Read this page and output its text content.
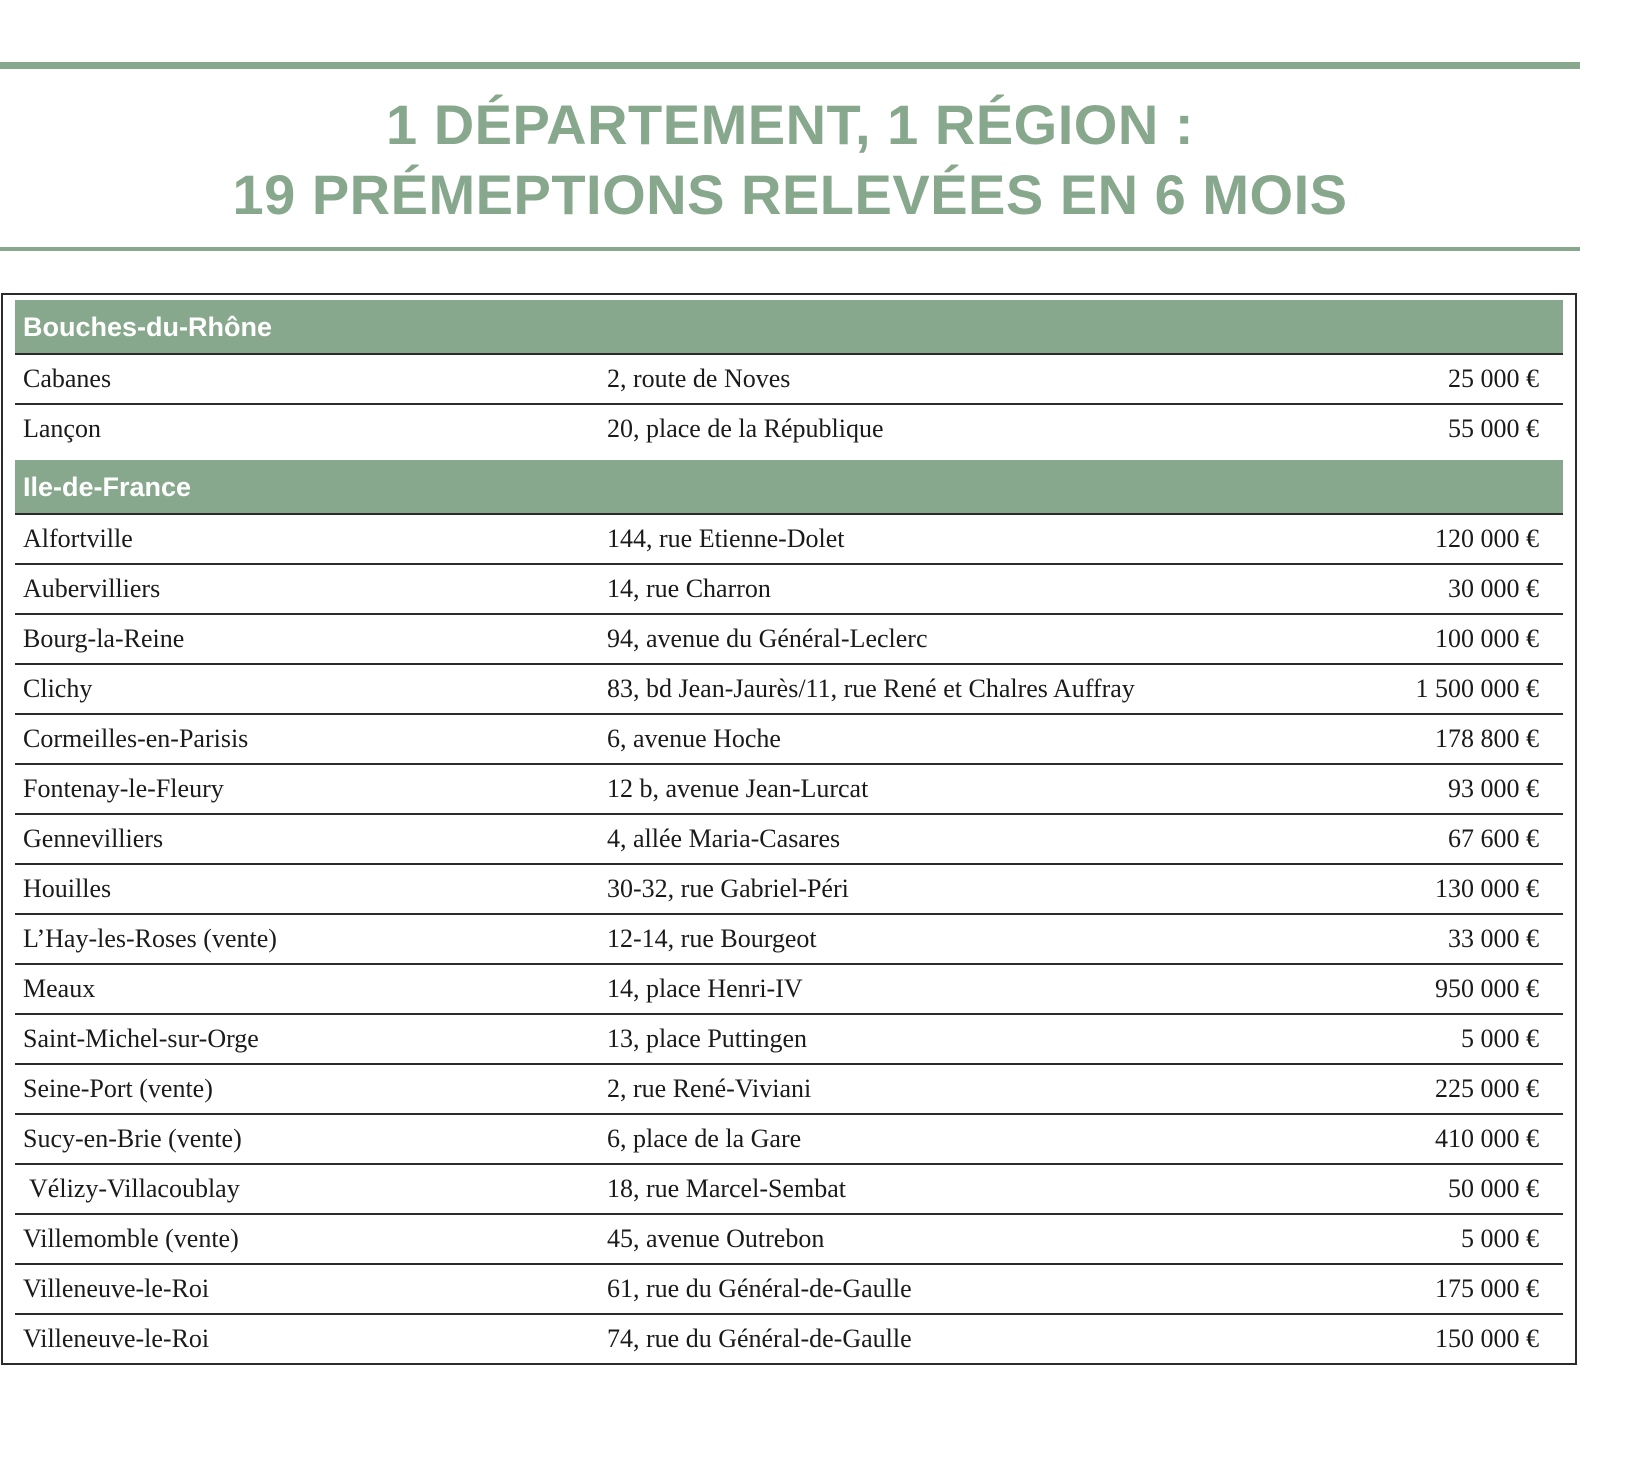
1 DÉPARTEMENT, 1 RÉGION :
19 PRÉMEPTIONS RELEVÉES EN 6 MOIS
Bouches-du-Rhône
Cabanes	2, route de Noves	25 000 €
Lançon	20, place de la République	55 000 €
Ile-de-France
Alfortville	144, rue Etienne-Dolet	120 000 €
Aubervilliers	14, rue Charron	30 000 €
Bourg-la-Reine	94, avenue du Général-Leclerc	100 000 €
Clichy	83, bd Jean-Jaurès/11, rue René et Chalres Auffray	1 500 000 €
Cormeilles-en-Parisis	6, avenue Hoche	178 800 €
Fontenay-le-Fleury	12 b, avenue Jean-Lurcat	93 000 €
Gennevilliers	4, allée Maria-Casares	67 600 €
Houilles	30-32, rue Gabriel-Péri	130 000 €
L’Hay-les-Roses (vente)	12-14, rue Bourgeot	33 000 €
Meaux	14, place Henri-IV	950 000 €
Saint-Michel-sur-Orge	13, place Puttingen	5 000 €
Seine-Port (vente)	2, rue René-Viviani	225 000 €
Sucy-en-Brie (vente)	6, place de la Gare	410 000 €
Vélizy-Villacoublay	18, rue Marcel-Sembat	50 000 €
Villemomble (vente)	45, avenue Outrebon	5 000 €
Villeneuve-le-Roi	61, rue du Général-de-Gaulle	175 000 €
Villeneuve-le-Roi	74, rue du Général-de-Gaulle	150 000 €
